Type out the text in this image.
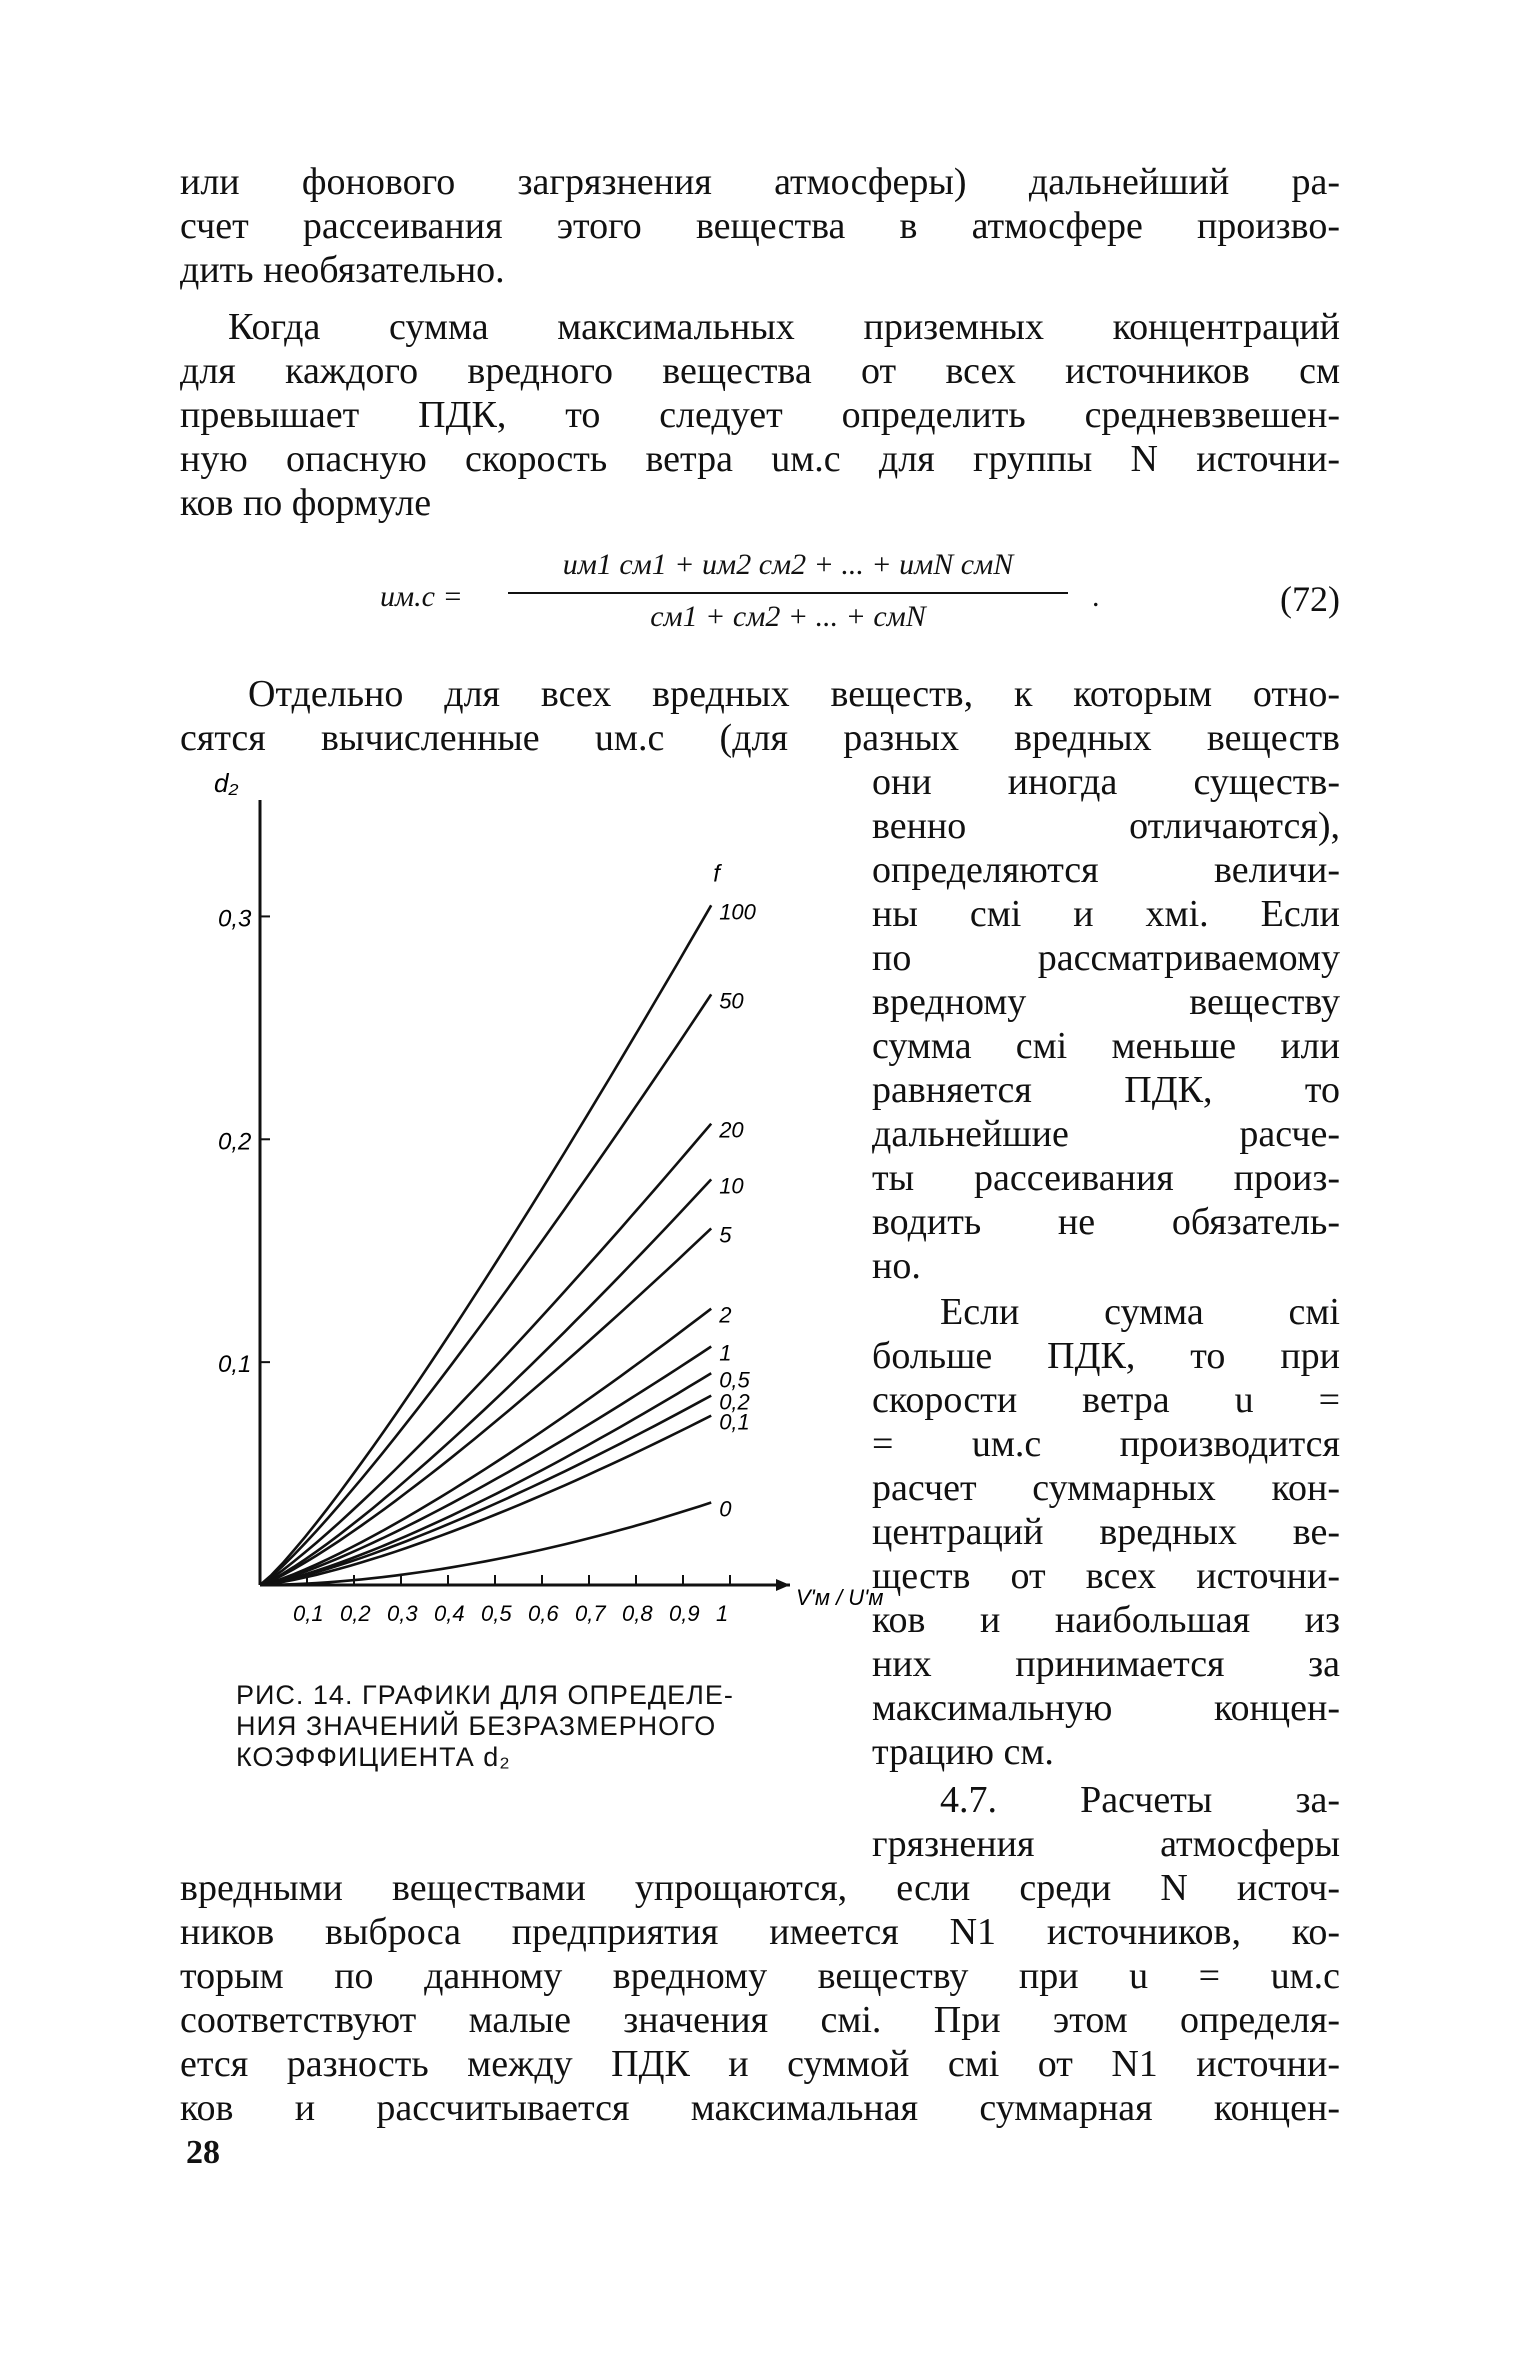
или фонового загрязнения атмосферы) дальнейший ра-
счет рассеивания этого вещества в атмосфере произво-
дить необязательно.
Когда сумма максимальных приземных концентраций
для каждого вредного вещества от всех источников cм
превышает ПДК, то следует определить средневзвешен-
ную опасную скорость ветра uм.с для группы N источни-
ков по формуле
uм.с =
uм1 cм1 + uм2 cм2 + ... + uмN cмN
cм1 + cм2 + ... + cмN
.	(72)
Отдельно для всех вредных веществ, к которым отно-
сятся вычисленные uм.с (для разных вредных веществ
они иногда существ-
венно отличаются),
определяются величи-
ны cмi и xмi. Если
по рассматриваемому
вредному веществу
сумма cмi меньше или
равняется ПДК, то
дальнейшие расче-
ты рассеивания произ-
водить не обязатель-
но.
Если сумма cмi
больше ПДК, то при
скорости ветра u =
= uм.с производится
расчет суммарных кон-
центраций вредных ве-
ществ от всех источни-
ков и наибольшая из
них принимается за
максимальную концен-
трацию cм.
4.7. Расчеты за-
грязнения атмосферы
вредными веществами упрощаются, если среди N источ-
ников выброса предприятия имеется N1 источников, ко-
торым по данному вредному веществу при u = uм.с
соответствуют малые значения cмi. При этом определя-
ется разность между ПДК и суммой cмi от N1 источни-
ков и рассчитывается максимальная суммарная концен-
0,1
0,2
0,3
0,1 0,2 0,3 0,4 0,5 0,6 0,7 0,8 0,9 1
d₂
V'м / U'м
100
50
20
10
5
2
1
0,5
0,2
0,1
0
f
РИС. 14. ГРАФИКИ ДЛЯ ОПРЕДЕЛЕ-
НИЯ ЗНАЧЕНИЙ БЕЗРАЗМЕРНОГО
КОЭФФИЦИЕНТА d₂
28
